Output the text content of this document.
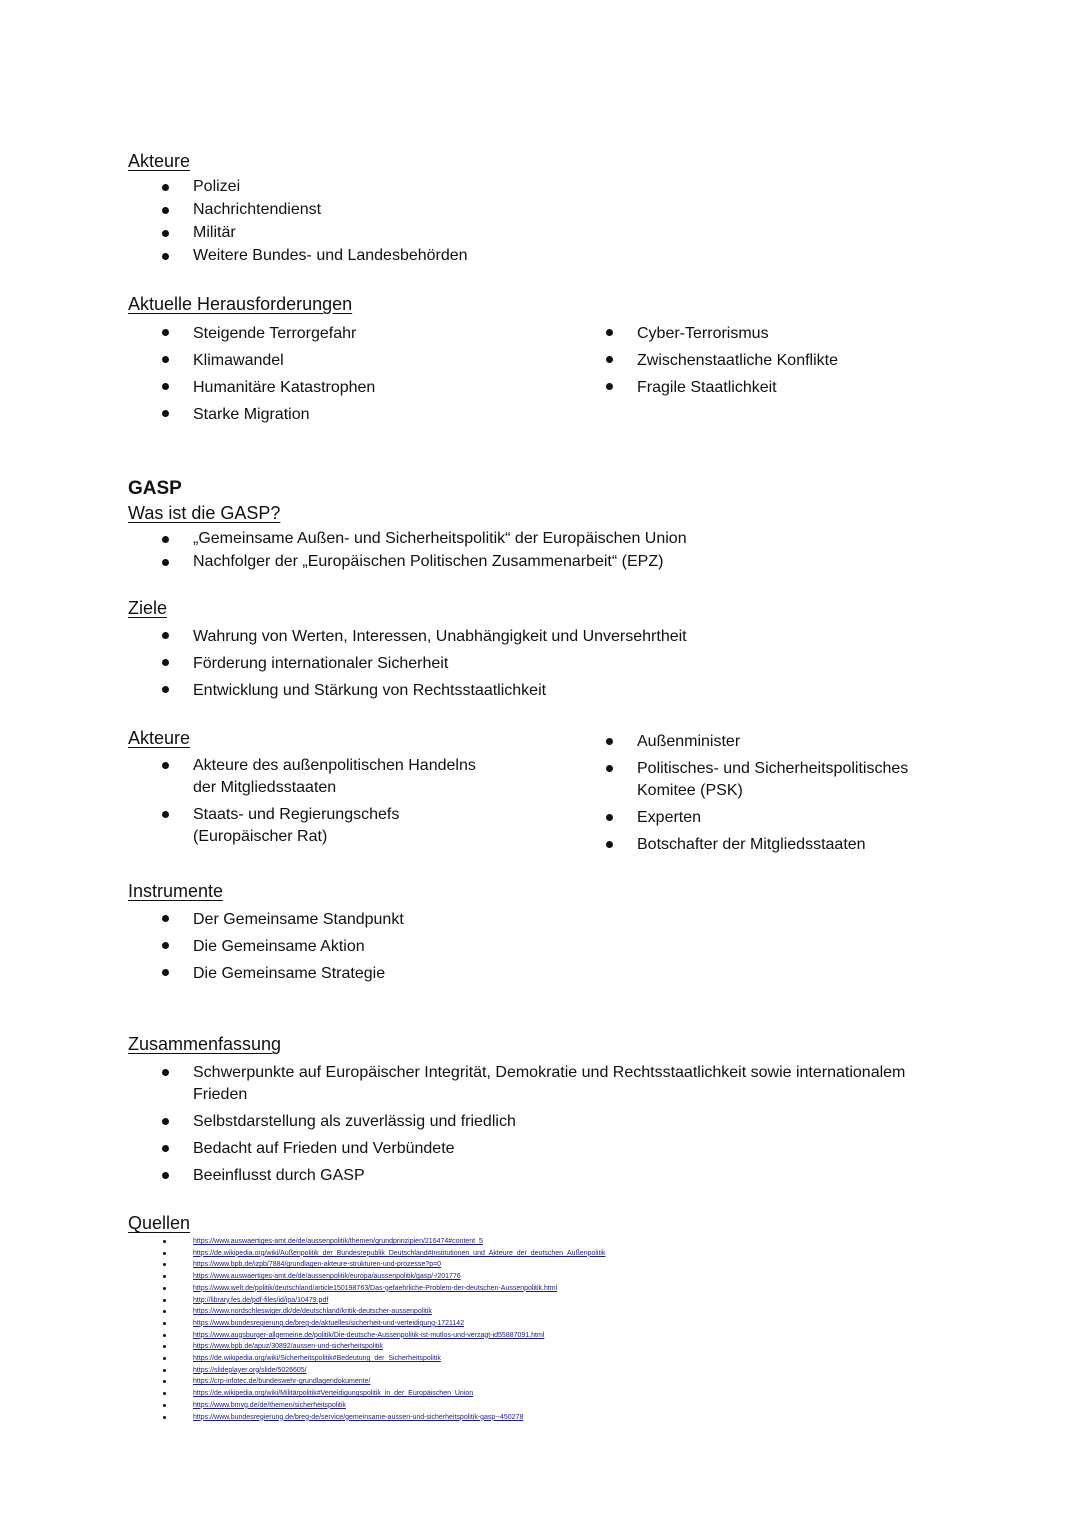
Akteure
Polizei
Nachrichtendienst
Militär
Weitere Bundes- und Landesbehörden
Aktuelle Herausforderungen
Steigende Terrorgefahr
Klimawandel
Humanitäre Katastrophen
Starke Migration
Cyber-Terrorismus
Zwischenstaatliche Konflikte
Fragile Staatlichkeit
GASP
Was ist die GASP?
„Gemeinsame Außen- und Sicherheitspolitik“ der Europäischen Union
Nachfolger der „Europäischen Politischen Zusammenarbeit“ (EPZ)
Ziele
Wahrung von Werten, Interessen, Unabhängigkeit und Unversehrtheit
Förderung internationaler Sicherheit
Entwicklung und Stärkung von Rechtsstaatlichkeit
Akteure
Akteure des außenpolitischen Handelns der Mitgliedsstaaten
Staats- und Regierungschefs (Europäischer Rat)
Außenminister
Politisches- und Sicherheitspolitisches Komitee (PSK)
Experten
Botschafter der Mitgliedsstaaten
Instrumente
Der Gemeinsame Standpunkt
Die Gemeinsame Aktion
Die Gemeinsame Strategie
Zusammenfassung
Schwerpunkte auf Europäischer Integrität, Demokratie und Rechtsstaatlichkeit sowie internationalem Frieden
Selbstdarstellung als zuverlässig und friedlich
Bedacht auf Frieden und Verbündete
Beeinflusst durch GASP
Quellen
https://www.auswaertiges-amt.de/de/aussenpolitik/themen/grundprinzipien/216474#content_5
https://de.wikipedia.org/wiki/Außenpolitik_der_Bundesrepublik_Deutschland#Institutionen_und_Akteure_der_deutschen_Außenpolitik
https://www.bpb.de/izpb/7884/grundlagen-akteure-strukturen-und-prozesse?p=0
https://www.auswaertiges-amt.de/de/aussenpolitik/europa/aussenpolitik/gasp/-/201776
https://www.welt.de/politik/deutschland/article150198763/Das-gefaehrliche-Problem-der-deutschen-Aussenpolitik.html
http://library.fes.de/pdf-files/id/ipa/10479.pdf
https://www.nordschleswiger.dk/de/deutschland/kritik-deutscher-aussenpolitik
https://www.bundesregierung.de/breg-de/aktuelles/sicherheit-und-verteidigung-1721142
https://www.augsburger-allgemeine.de/politik/Die-deutsche-Aussenpolitik-ist-mutlos-und-verzagt-id55887091.html
https://www.bpb.de/apuz/30892/aussen-und-sicherheitspolitik
https://de.wikipedia.org/wiki/Sicherheitspolitik#Bedeutung_der_Sicherheitspolitik
https://slideplayer.org/slide/5026605/
https://crp-infotec.de/bundeswehr-grundlagendokumente/
https://de.wikipedia.org/wiki/Militärpolitik#Verteidigungspolitik_in_der_Europäischen_Union
https://www.bmvg.de/de/themen/sicherheitspolitik
https://www.bundesregierung.de/breg-de/service/gemeinsame-aussen-und-sicherheitspolitik-gasp--450278
